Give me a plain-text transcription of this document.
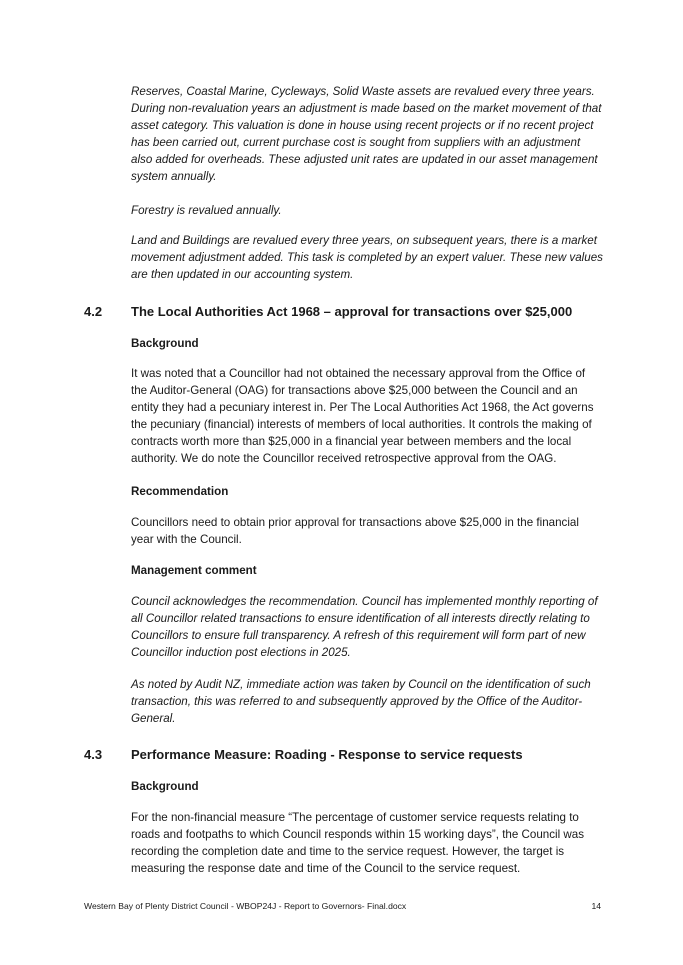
Reserves, Coastal Marine, Cycleways, Solid Waste assets are revalued every three years. During non-revaluation years an adjustment is made based on the market movement of that asset category. This valuation is done in house using recent projects or if no recent project has been carried out, current purchase cost is sought from suppliers with an adjustment also added for overheads. These adjusted unit rates are updated in our asset management system annually.

Forestry is revalued annually.

Land and Buildings are revalued every three years, on subsequent years, there is a market movement adjustment added. This task is completed by an expert valuer. These new values are then updated in our accounting system.

4.2 The Local Authorities Act 1968 – approval for transactions over $25,000

Background

It was noted that a Councillor had not obtained the necessary approval from the Office of the Auditor-General (OAG) for transactions above $25,000 between the Council and an entity they had a pecuniary interest in. Per The Local Authorities Act 1968, the Act governs the pecuniary (financial) interests of members of local authorities. It controls the making of contracts worth more than $25,000 in a financial year between members and the local authority. We do note the Councillor received retrospective approval from the OAG.

Recommendation

Councillors need to obtain prior approval for transactions above $25,000 in the financial year with the Council.

Management comment

Council acknowledges the recommendation. Council has implemented monthly reporting of all Councillor related transactions to ensure identification of all interests directly relating to Councillors to ensure full transparency. A refresh of this requirement will form part of new Councillor induction post elections in 2025.

As noted by Audit NZ, immediate action was taken by Council on the identification of such transaction, this was referred to and subsequently approved by the Office of the Auditor-General.

4.3 Performance Measure: Roading - Response to service requests

Background

For the non-financial measure “The percentage of customer service requests relating to roads and footpaths to which Council responds within 15 working days”, the Council was recording the completion date and time to the service request. However, the target is measuring the response date and time of the Council to the service request.

Western Bay of Plenty District Council - WBOP24J - Report to Governors- Final.docx	14
